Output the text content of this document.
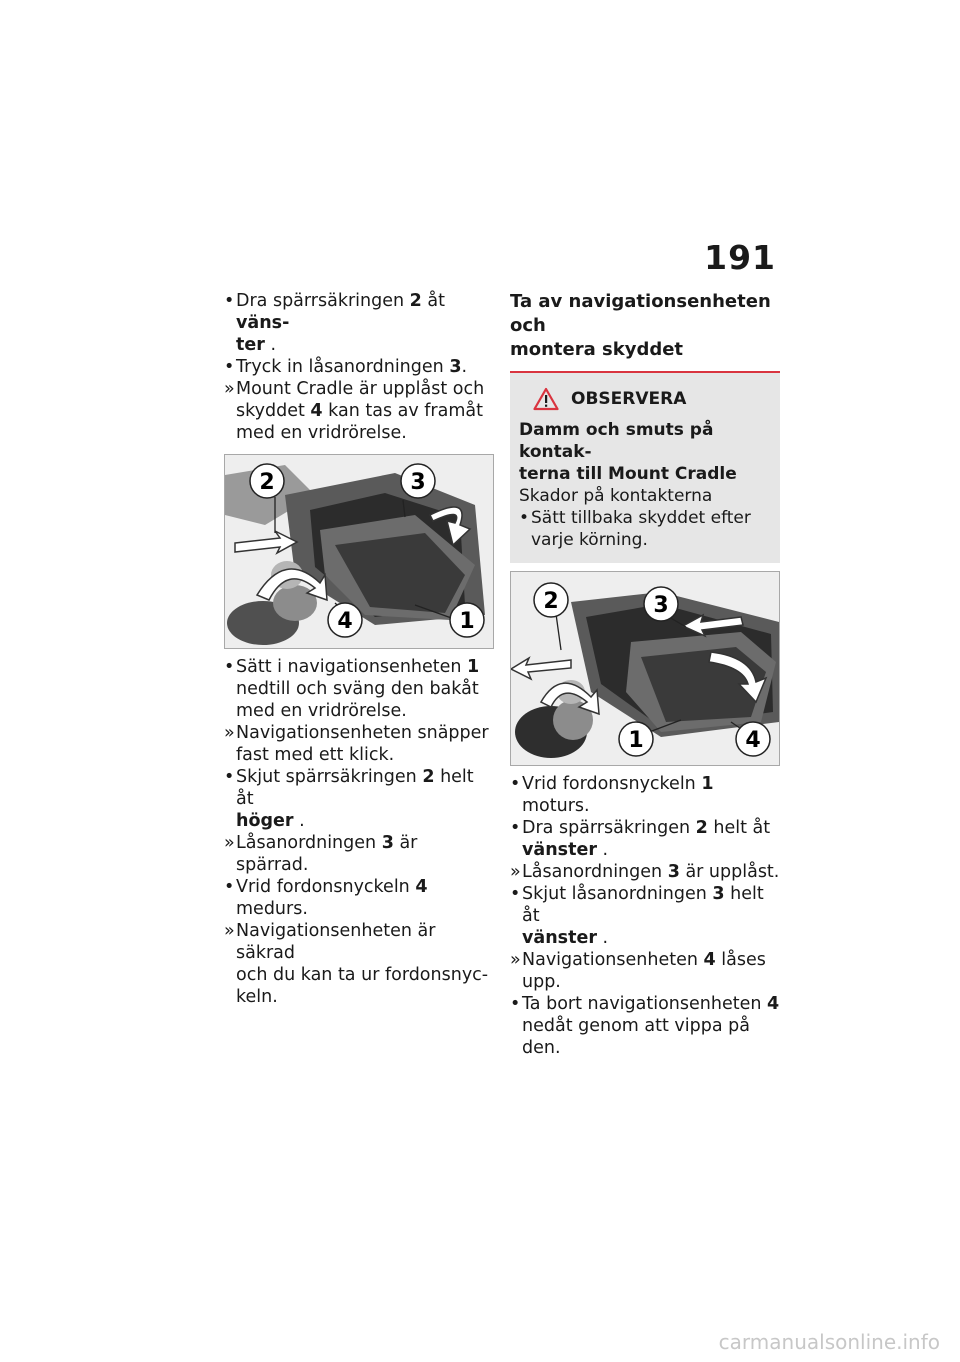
191

• Dra spärrsäkringen 2 åt väns-
ter .

• Tryck in låsanordningen 3.

» Mount Cradle är upplåst och
skyddet 4 kan tas av framåt
med en vridrörelse.

2	3
4	1

• Sätt i navigationsenheten 1
nedtill och sväng den bakåt
med en vridrörelse.

» Navigationsenheten snäpper
fast med ett klick.

• Skjut spärrsäkringen 2 helt åt
höger .

» Låsanordningen 3 är spärrad.

• Vrid fordonsnyckeln 4
medurs.

» Navigationsenheten är säkrad
och du kan ta ur fordonsnyc-
keln.

Ta av navigationsenheten och
montera skyddet
OBSERVERA
Damm och smuts på kontak-
terna till Mount Cradle
Skador på kontakterna

• Sätt tillbaka skyddet efter
varje körning.

2	3
1	4

• Vrid fordonsnyckeln 1 moturs.

• Dra spärrsäkringen 2 helt åt
vänster .

» Låsanordningen 3 är upplåst.

• Skjut låsanordningen 3 helt åt
vänster .

» Navigationsenheten 4 låses
upp.

• Ta bort navigationsenheten 4
nedåt genom att vippa på
den.

carmanualsonline.info
